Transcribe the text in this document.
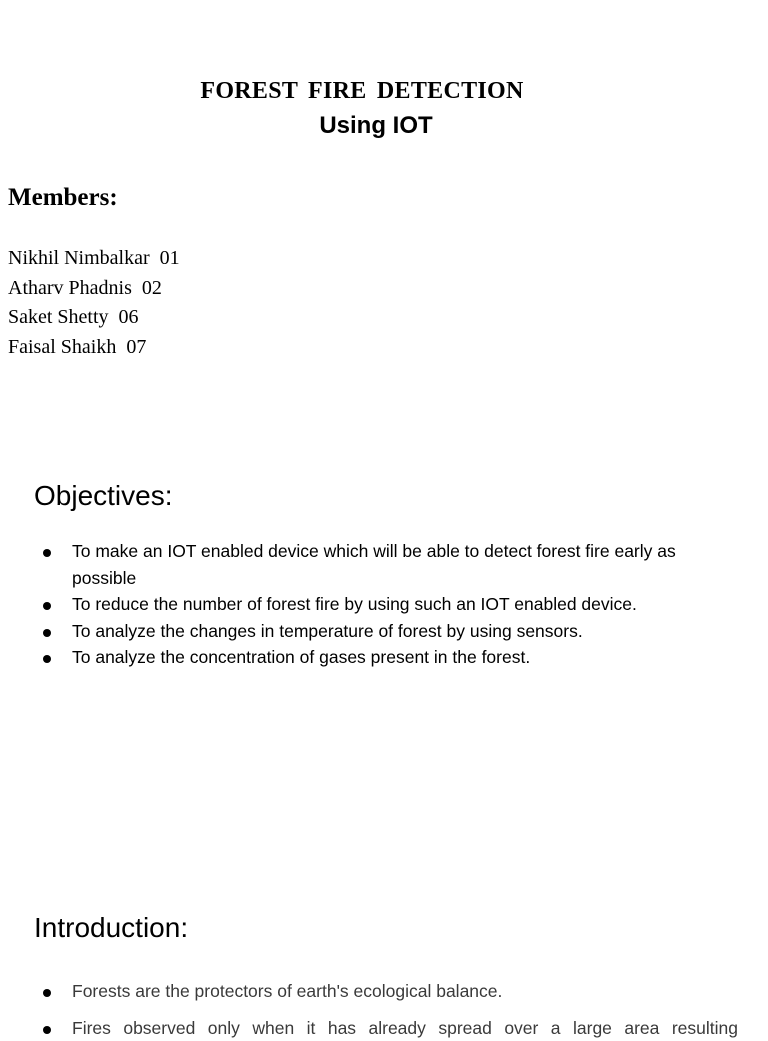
FOREST FIRE DETECTION
Using IOT
Members:
Nikhil Nimbalkar  01
Atharv Phadnis  02
Saket Shetty  06
Faisal Shaikh  07
Objectives:
To make an IOT enabled device which will be able to detect forest fire early as possible
To reduce the number of forest fire by using such an IOT enabled device.
To analyze the changes in temperature of forest by using sensors.
To analyze the concentration of gases present in the forest.
Introduction:
Forests are the protectors of earth's ecological balance.
Fires observed only when it has already spread over a large area resulting
